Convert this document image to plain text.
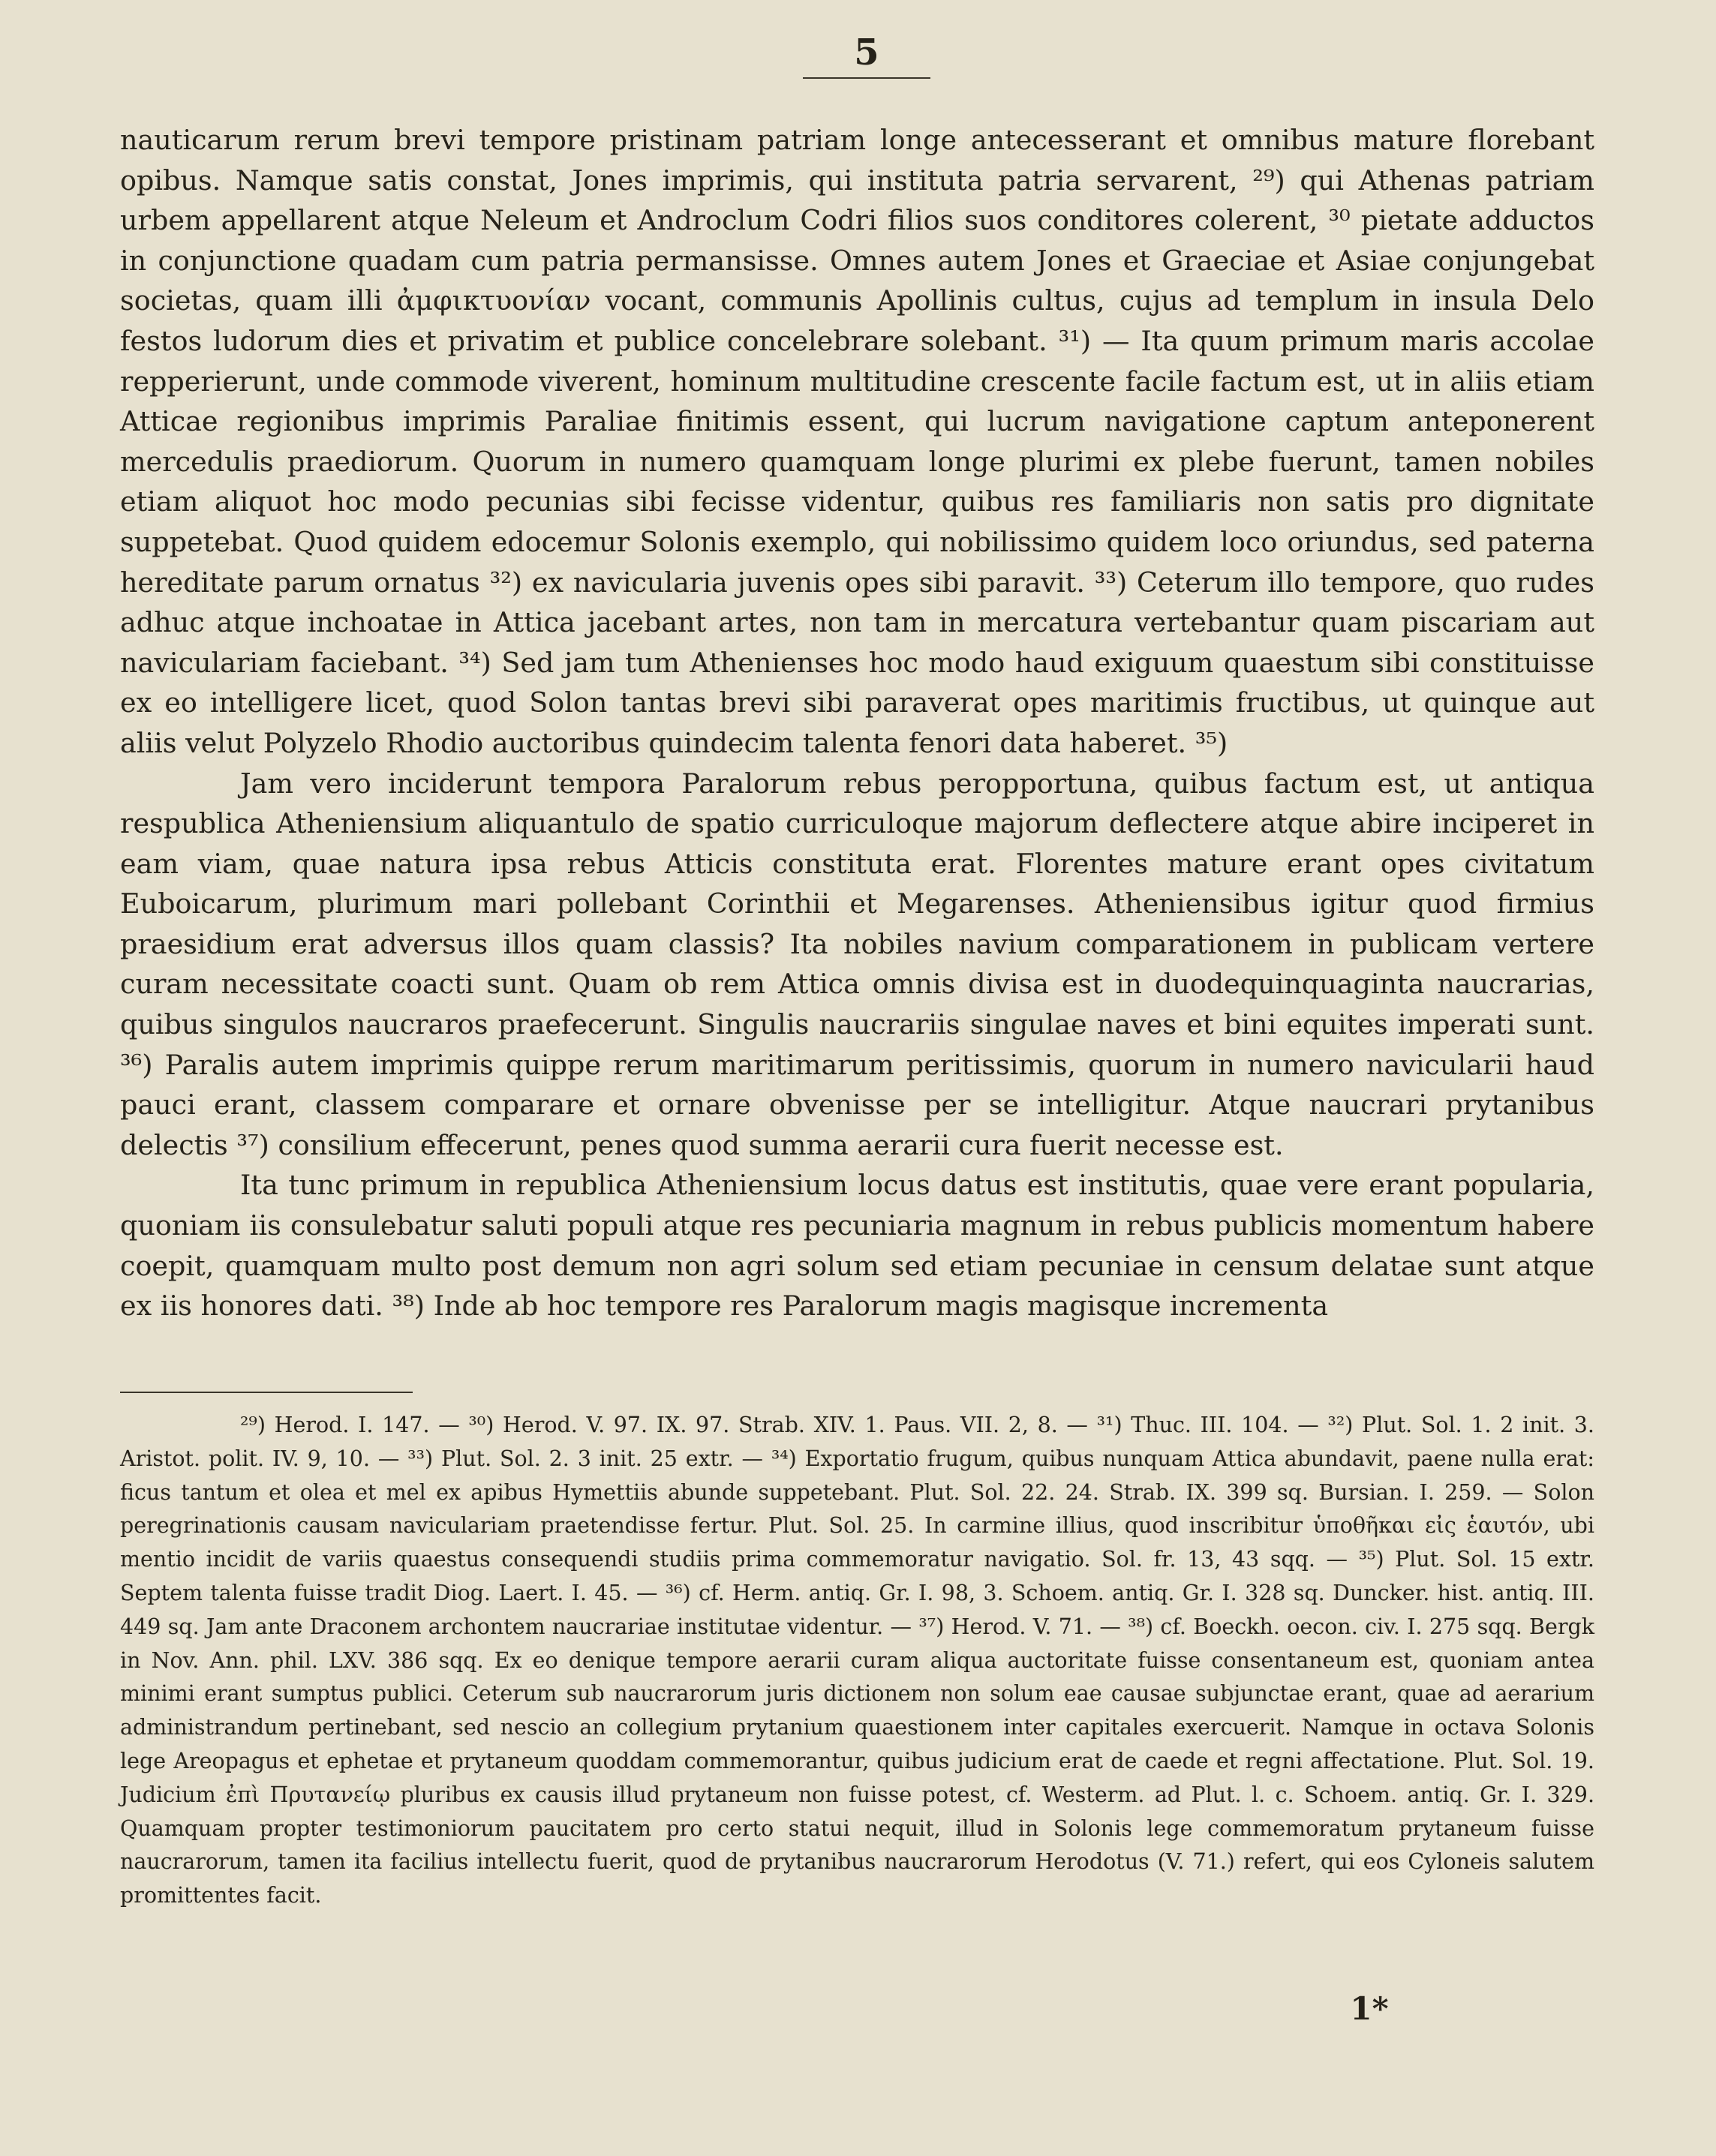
5

nauticarum rerum brevi tempore pristinam patriam longe antecesserant et omnibus mature florebant opibus. Namque satis constat, Jones imprimis, qui instituta patria servarent, ²⁹) qui Athenas patriam urbem appellarent atque Neleum et Androclum Codri filios suos conditores colerent, ³⁰ pietate adductos in conjunctione quadam cum patria permansisse. Omnes autem Jones et Graeciae et Asiae conjungebat societas, quam illi ἀμφικτυονίαν vocant, communis Apollinis cultus, cujus ad templum in insula Delo festos ludorum dies et privatim et publice concelebrare solebant. ³¹) — Ita quum primum maris accolae repperierunt, unde commode viverent, hominum multitudine crescente facile factum est, ut in aliis etiam Atticae regionibus imprimis Paraliae finitimis essent, qui lucrum navigatione captum anteponerent mercedulis praediorum. Quorum in numero quamquam longe plurimi ex plebe fuerunt, tamen nobiles etiam aliquot hoc modo pecunias sibi fecisse videntur, quibus res familiaris non satis pro dignitate suppetebat. Quod quidem edocemur Solonis exemplo, qui nobilissimo quidem loco oriundus, sed paterna hereditate parum ornatus ³²) ex navicularia juvenis opes sibi paravit. ³³) Ceterum illo tempore, quo rudes adhuc atque inchoatae in Attica jacebant artes, non tam in mercatura vertebantur quam piscariam aut naviculariam faciebant. ³⁴) Sed jam tum Athenienses hoc modo haud exiguum quaestum sibi constituisse ex eo intelligere licet, quod Solon tantas brevi sibi paraverat opes maritimis fructibus, ut quinque aut aliis velut Polyzelo Rhodio auctoribus quindecim talenta fenori data haberet. ³⁵)

Jam vero inciderunt tempora Paralorum rebus peropportuna, quibus factum est, ut antiqua respublica Atheniensium aliquantulo de spatio curriculoque majorum deflectere atque abire inciperet in eam viam, quae natura ipsa rebus Atticis constituta erat. Florentes mature erant opes civitatum Euboicarum, plurimum mari pollebant Corinthii et Megarenses. Atheniensibus igitur quod firmius praesidium erat adversus illos quam classis? Ita nobiles navium comparationem in publicam vertere curam necessitate coacti sunt. Quam ob rem Attica omnis divisa est in duodequinquaginta naucrarias, quibus singulos naucraros praefecerunt. Singulis naucrariis singulae naves et bini equites imperati sunt. ³⁶) Paralis autem imprimis quippe rerum maritimarum peritissimis, quorum in numero navicularii haud pauci erant, classem comparare et ornare obvenisse per se intelligitur. Atque naucrari prytanibus delectis ³⁷) consilium effecerunt, penes quod summa aerarii cura fuerit necesse est.

Ita tunc primum in republica Atheniensium locus datus est institutis, quae vere erant popularia, quoniam iis consulebatur saluti populi atque res pecuniaria magnum in rebus publicis momentum habere coepit, quamquam multo post demum non agri solum sed etiam pecuniae in censum delatae sunt atque ex iis honores dati. ³⁸) Inde ab hoc tempore res Paralorum magis magisque incrementa

²⁹) Herod. I. 147. — ³⁰) Herod. V. 97. IX. 97. Strab. XIV. 1. Paus. VII. 2, 8. — ³¹) Thuc. III. 104. — ³²) Plut. Sol. 1. 2 init. 3. Aristot. polit. IV. 9, 10. — ³³) Plut. Sol. 2. 3 init. 25 extr. — ³⁴) Exportatio frugum, quibus nunquam Attica abundavit, paene nulla erat: ficus tantum et olea et mel ex apibus Hymettiis abunde suppetebant. Plut. Sol. 22. 24. Strab. IX. 399 sq. Bursian. I. 259. — Solon peregrinationis causam naviculariam praetendisse fertur. Plut. Sol. 25. In carmine illius, quod inscribitur ὑποθῆκαι εἰς ἑαυτόν, ubi mentio incidit de variis quaestus consequendi studiis prima commemoratur navigatio. Sol. fr. 13, 43 sqq. — ³⁵) Plut. Sol. 15 extr. Septem talenta fuisse tradit Diog. Laert. I. 45. — ³⁶) cf. Herm. antiq. Gr. I. 98, 3. Schoem. antiq. Gr. I. 328 sq. Duncker. hist. antiq. III. 449 sq. Jam ante Draconem archontem naucrariae institutae videntur. — ³⁷) Herod. V. 71. — ³⁸) cf. Boeckh. oecon. civ. I. 275 sqq. Bergk in Nov. Ann. phil. LXV. 386 sqq. Ex eo denique tempore aerarii curam aliqua auctoritate fuisse consentaneum est, quoniam antea minimi erant sumptus publici. Ceterum sub naucrarorum juris dictionem non solum eae causae subjunctae erant, quae ad aerarium administrandum pertinebant, sed nescio an collegium prytanium quaestionem inter capitales exercuerit. Namque in octava Solonis lege Areopagus et ephetae et prytaneum quoddam commemorantur, quibus judicium erat de caede et regni affectatione. Plut. Sol. 19. Judicium ἐπὶ Πρυτανείῳ pluribus ex causis illud prytaneum non fuisse potest, cf. Westerm. ad Plut. l. c. Schoem. antiq. Gr. I. 329. Quamquam propter testimoniorum paucitatem pro certo statui nequit, illud in Solonis lege commemoratum prytaneum fuisse naucrarorum, tamen ita facilius intellectu fuerit, quod de prytanibus naucrarorum Herodotus (V. 71.) refert, qui eos Cyloneis salutem promittentes facit.

1*
